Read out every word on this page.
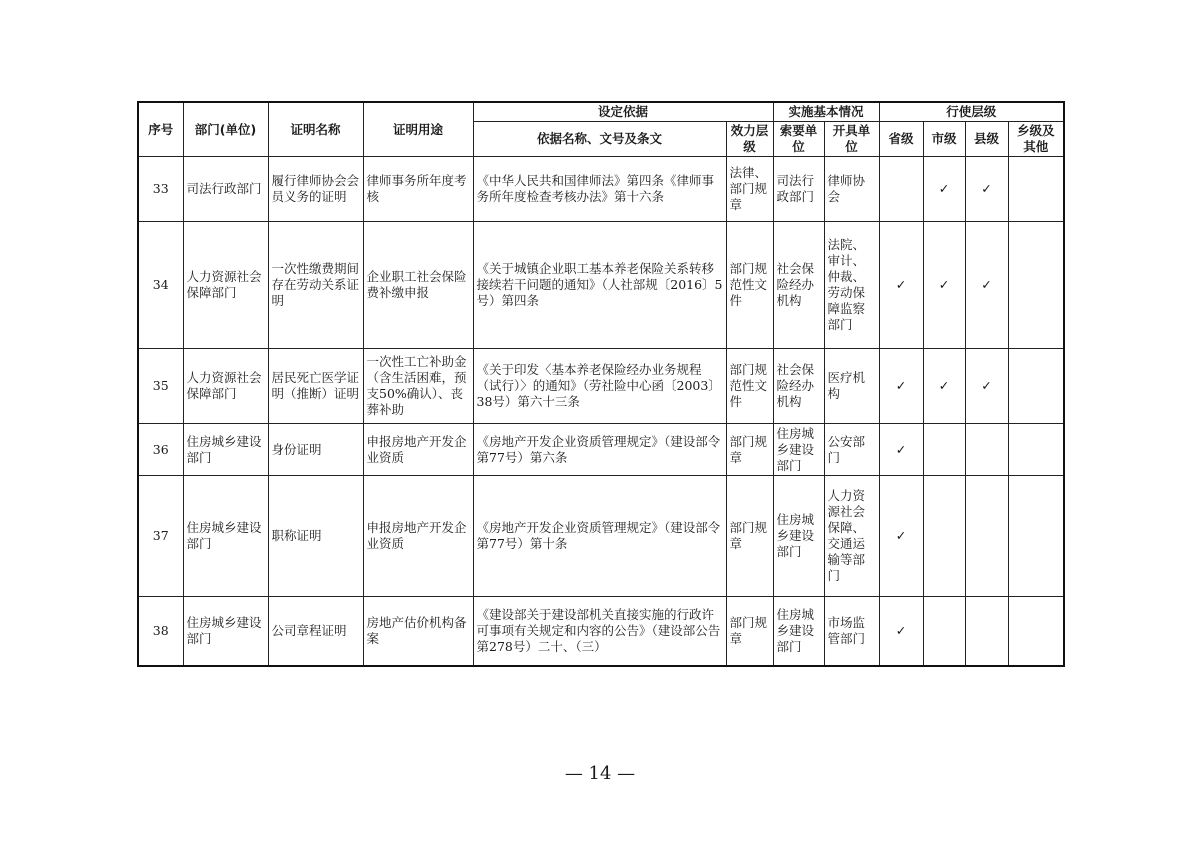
序号	部门(单位)	证明名称	证明用途	设定依据		实施基本情况		行使层级			
				依据名称、文号及条文	效力层级	索要单位	开具单位	省级	市级	县级	乡级及其他
33	司法行政部门	履行律师协会会员义务的证明	律师事务所年度考核	《中华人民共和国律师法》第四条《律师事务所年度检查考核办法》第十六条	法律、部门规章	司法行政部门	律师协会		✓	✓	
34	人力资源社会保障部门	一次性缴费期间存在劳动关系证明	企业职工社会保险费补缴申报	《关于城镇企业职工基本养老保险关系转移接续若干问题的通知》（人社部规〔2016〕5号）第四条	部门规范性文件	社会保险经办机构	法院、审计、仲裁、劳动保障监察部门	✓	✓	✓	
35	人力资源社会保障部门	居民死亡医学证明（推断）证明	一次性工亡补助金（含生活困难，预支50%确认）、丧葬补助	《关于印发〈基本养老保险经办业务规程（试行）〉的通知》（劳社险中心函〔2003〕38号）第六十三条	部门规范性文件	社会保险经办机构	医疗机构	✓	✓	✓	
36	住房城乡建设部门	身份证明	申报房地产开发企业资质	《房地产开发企业资质管理规定》（建设部令第77号）第六条	部门规章	住房城乡建设部门	公安部门	✓			
37	住房城乡建设部门	职称证明	申报房地产开发企业资质	《房地产开发企业资质管理规定》（建设部令第77号）第十条	部门规章	住房城乡建设部门	人力资源社会保障、交通运输等部门	✓			
38	住房城乡建设部门	公司章程证明	房地产估价机构备案	《建设部关于建设部机关直接实施的行政许可事项有关规定和内容的公告》（建设部公告第278号）二十、（三）	部门规章	住房城乡建设部门	市场监管部门	✓			
— 14 —
